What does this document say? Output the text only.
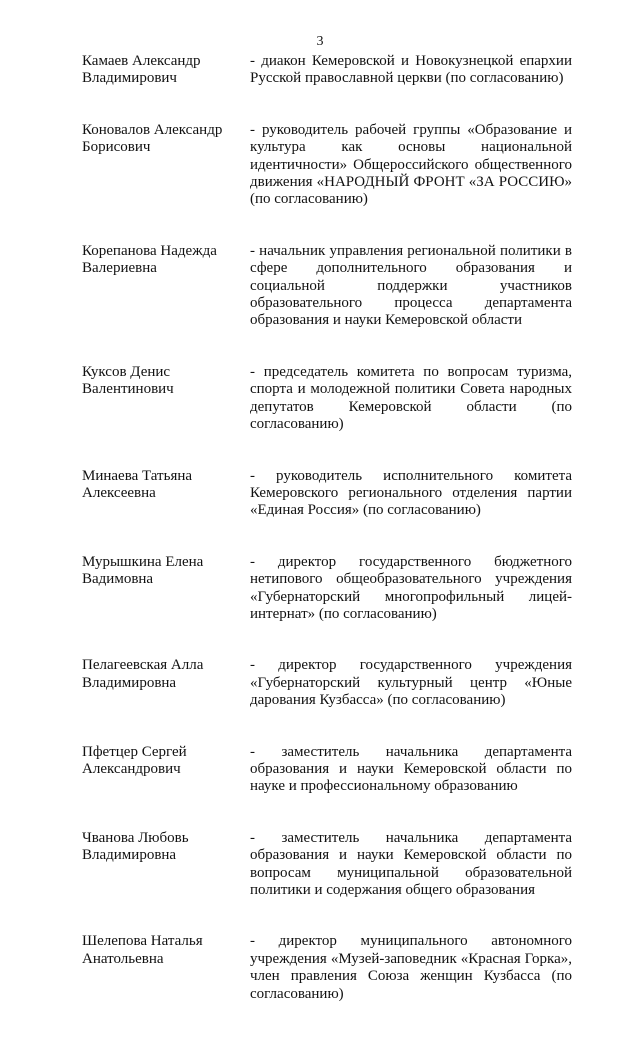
3
Камаев Александр
Владимирович
- диакон Кемеровской и Новокузнецкой епархии Русской православной церкви (по согласованию)
Коновалов Александр
Борисович
- руководитель рабочей группы «Образование и культура как основы национальной идентичности» Общероссийского общественного движения «НАРОДНЫЙ ФРОНТ «ЗА РОССИЮ» (по согласованию)
Корепанова Надежда
Валериевна
- начальник управления региональной политики в сфере дополнительного образования и социальной поддержки участников образовательного процесса департамента образования и науки Кемеровской области
Куксов Денис
Валентинович
- председатель комитета по вопросам туризма, спорта и молодежной политики Совета народных депутатов Кемеровской области (по согласованию)
Минаева Татьяна
Алексеевна
- руководитель исполнительного комитета Кемеровского регионального отделения партии «Единая Россия» (по согласованию)
Мурышкина Елена
Вадимовна
- директор государственного бюджетного нетипового общеобразовательного учреждения «Губернаторский многопрофильный лицей-интернат» (по согласованию)
Пелагеевская Алла
Владимировна
- директор государственного учреждения «Губернаторский культурный центр «Юные дарования Кузбасса» (по согласованию)
Пфетцер Сергей
Александрович
- заместитель начальника департамента образования и науки Кемеровской области по науке и профессиональному образованию
Чванова Любовь
Владимировна
- заместитель начальника департамента образования и науки Кемеровской области по вопросам муниципальной образовательной политики и содержания общего образования
Шелепова Наталья
Анатольевна
- директор муниципального автономного учреждения «Музей-заповедник «Красная Горка», член правления Союза женщин Кузбасса (по согласованию)
